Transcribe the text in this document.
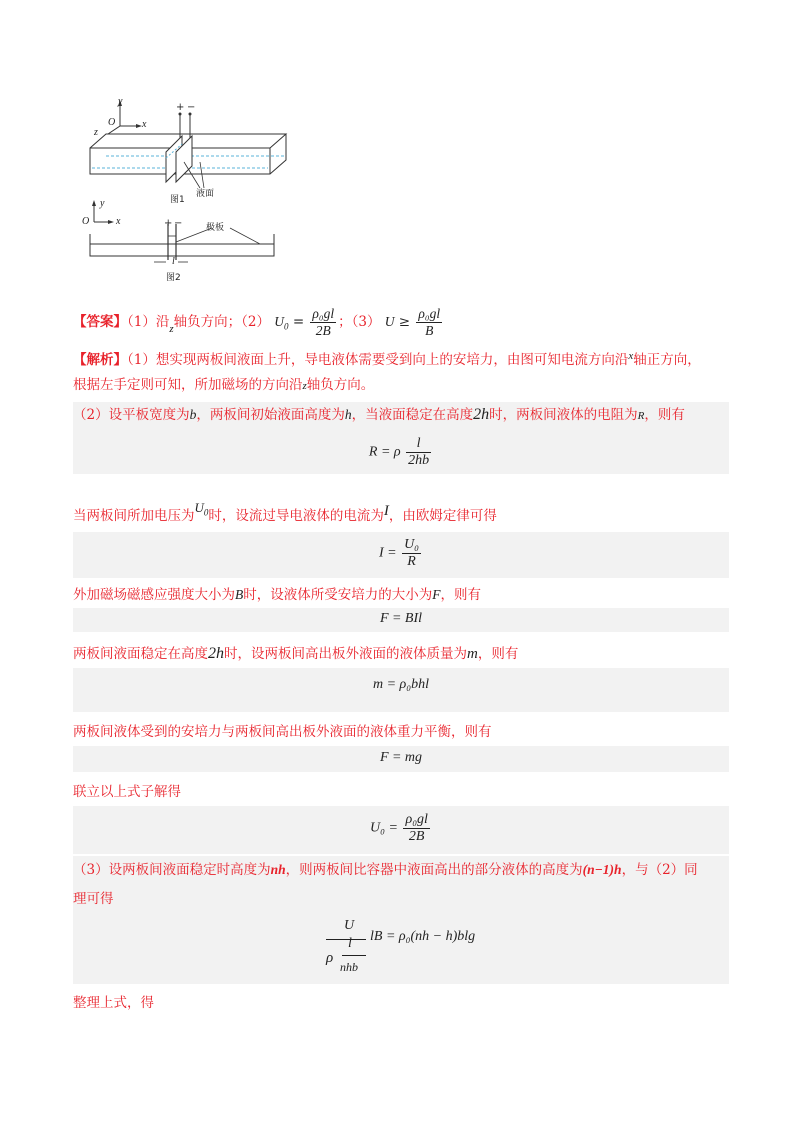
y
O	x
z
+ −
液面
图1
y
O	x	+ −	极板
l
图2
【答案】（1）沿$_z$轴负方向；（2） $U_0 = \frac{\text{ρ₀gl}}{2B}$ ；（3） $U \ge \frac{\text{ρ₀gl}}{B}$
【解析】（1）想实现两板间液面上升，导电液体需要受到向上的安培力，由图可知电流方向沿$^x$轴正方向，
根据左手定则可知，所加磁场的方向沿z轴负方向。
（2）设平板宽度为b，两板间初始液面高度为h，当液面稳定在高度2h时，两板间液体的电阻为R，则有
R = ρ $\frac{l}{2hb}$
当两板间所加电压为$U_0$时，设流过导电液体的电流为I，由欧姆定律可得
$I = \frac{\text{U₀}}{R}$
外加磁场磁感应强度大小为B时，设液体所受安培力的大小为F，则有
F = BIl
两板间液面稳定在高度2h时，设两板间高出板外液面的液体质量为m，则有
m = ρ₀bhl
两板间液体受到的安培力与两板间高出板外液面的液体重力平衡，则有
F = mg
联立以上式子解得
$U_0 = \frac{\text{ρ₀gl}}{2B}$
（3）设两板间液面稳定时高度为nh，则两板间比容器中液面高出的部分液体的高度为(n−1)h，与（2）同
理可得
U
l
ρ
nhb
lB = ρ₀(nh − h)blg
整理上式，得
